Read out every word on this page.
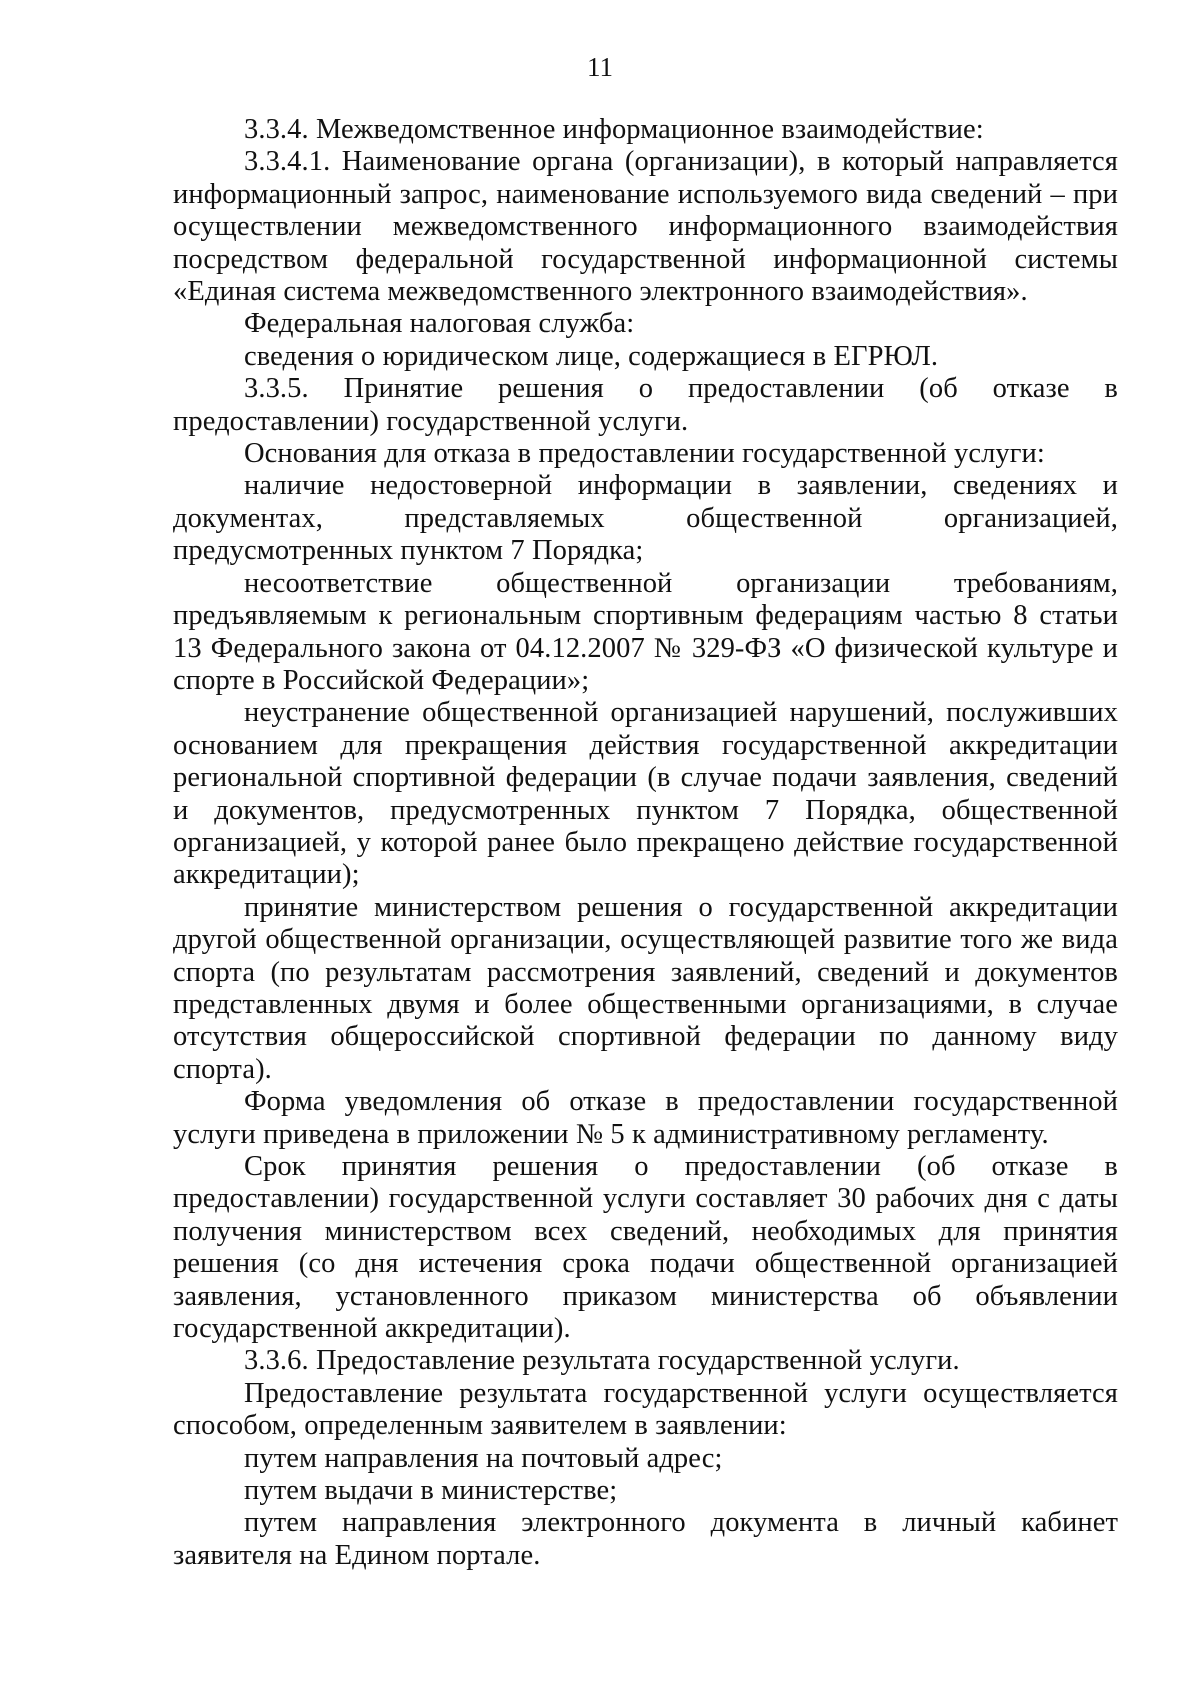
11

3.3.4. Межведомственное информационное взаимодействие:

3.3.4.1. Наименование органа (организации), в который направляется информационный запрос, наименование используемого вида сведений – при осуществлении межведомственного информационного взаимодействия посредством федеральной государственной информационной системы «Единая система межведомственного электронного взаимодействия».

Федеральная налоговая служба:

сведения о юридическом лице, содержащиеся в ЕГРЮЛ.

3.3.5. Принятие решения о предоставлении (об отказе в предоставлении) государственной услуги.

Основания для отказа в предоставлении государственной услуги:

наличие недостоверной информации в заявлении, сведениях и документах, представляемых общественной организацией, предусмотренных пунктом 7 Порядка;

несоответствие общественной организации требованиям, предъявляемым к региональным спортивным федерациям частью 8 статьи 13 Федерального закона от 04.12.2007 № 329-ФЗ «О физической культуре и спорте в Российской Федерации»;

неустранение общественной организацией нарушений, послуживших основанием для прекращения действия государственной аккредитации региональной спортивной федерации (в случае подачи заявления, сведений и документов, предусмотренных пунктом 7 Порядка, общественной организацией, у которой ранее было прекращено действие государственной аккредитации);

принятие министерством решения о государственной аккредитации другой общественной организации, осуществляющей развитие того же вида спорта (по результатам рассмотрения заявлений, сведений и документов представленных двумя и более общественными организациями, в случае отсутствия общероссийской спортивной федерации по данному виду спорта).

Форма уведомления об отказе в предоставлении государственной услуги приведена в приложении № 5 к административному регламенту.

Срок принятия решения о предоставлении (об отказе в предоставлении) государственной услуги составляет 30 рабочих дня с даты получения министерством всех сведений, необходимых для принятия решения (со дня истечения срока подачи общественной организацией заявления, установленного приказом министерства об объявлении государственной аккредитации).

3.3.6. Предоставление результата государственной услуги.

Предоставление результата государственной услуги осуществляется способом, определенным заявителем в заявлении:

путем направления на почтовый адрес;

путем выдачи в министерстве;

путем направления электронного документа в личный кабинет заявителя на Едином портале.
